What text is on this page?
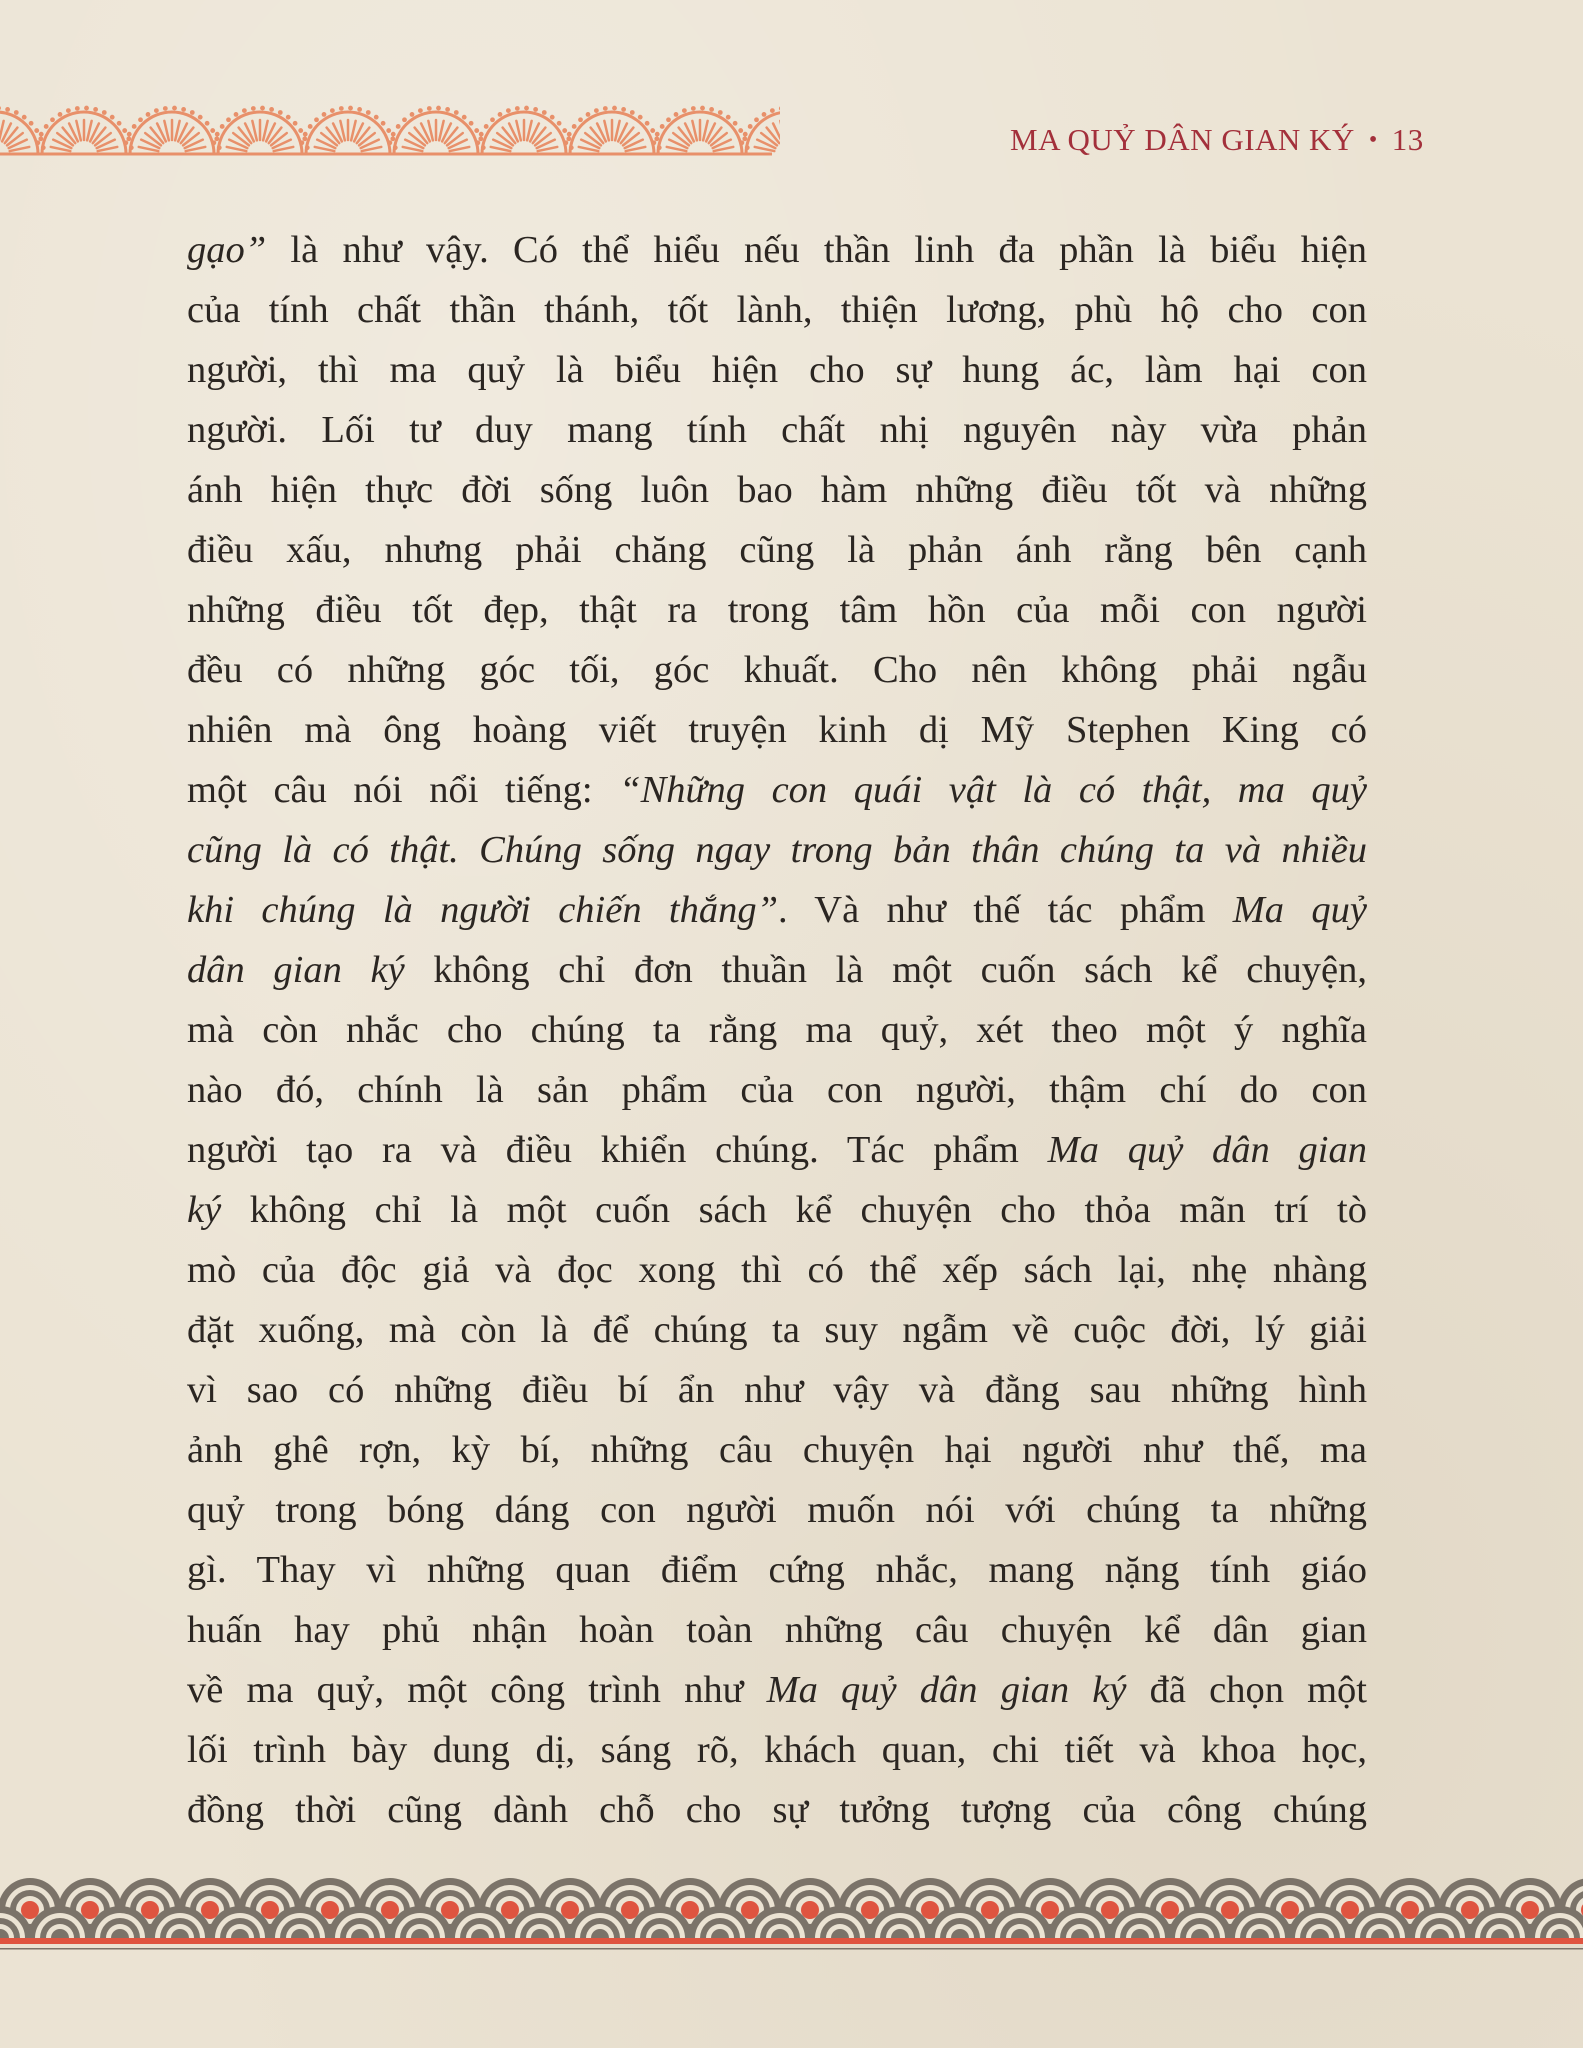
MA QUỶ DÂN GIAN KÝ • 13
gạo” là như vậy. Có thể hiểu nếu thần linh đa phần là biểu hiện
của tính chất thần thánh, tốt lành, thiện lương, phù hộ cho con
người, thì ma quỷ là biểu hiện cho sự hung ác, làm hại con
người. Lối tư duy mang tính chất nhị nguyên này vừa phản
ánh hiện thực đời sống luôn bao hàm những điều tốt và những
điều xấu, nhưng phải chăng cũng là phản ánh rằng bên cạnh
những điều tốt đẹp, thật ra trong tâm hồn của mỗi con người
đều có những góc tối, góc khuất. Cho nên không phải ngẫu
nhiên mà ông hoàng viết truyện kinh dị Mỹ Stephen King có
một câu nói nổi tiếng: “Những con quái vật là có thật, ma quỷ
cũng là có thật. Chúng sống ngay trong bản thân chúng ta và nhiều
khi chúng là người chiến thắng”. Và như thế tác phẩm Ma quỷ
dân gian ký không chỉ đơn thuần là một cuốn sách kể chuyện,
mà còn nhắc cho chúng ta rằng ma quỷ, xét theo một ý nghĩa
nào đó, chính là sản phẩm của con người, thậm chí do con
người tạo ra và điều khiển chúng. Tác phẩm Ma quỷ dân gian
ký không chỉ là một cuốn sách kể chuyện cho thỏa mãn trí tò
mò của độc giả và đọc xong thì có thể xếp sách lại, nhẹ nhàng
đặt xuống, mà còn là để chúng ta suy ngẫm về cuộc đời, lý giải
vì sao có những điều bí ẩn như vậy và đằng sau những hình
ảnh ghê rợn, kỳ bí, những câu chuyện hại người như thế, ma
quỷ trong bóng dáng con người muốn nói với chúng ta những
gì. Thay vì những quan điểm cứng nhắc, mang nặng tính giáo
huấn hay phủ nhận hoàn toàn những câu chuyện kể dân gian
về ma quỷ, một công trình như Ma quỷ dân gian ký đã chọn một
lối trình bày dung dị, sáng rõ, khách quan, chi tiết và khoa học,
đồng thời cũng dành chỗ cho sự tưởng tượng của công chúng
